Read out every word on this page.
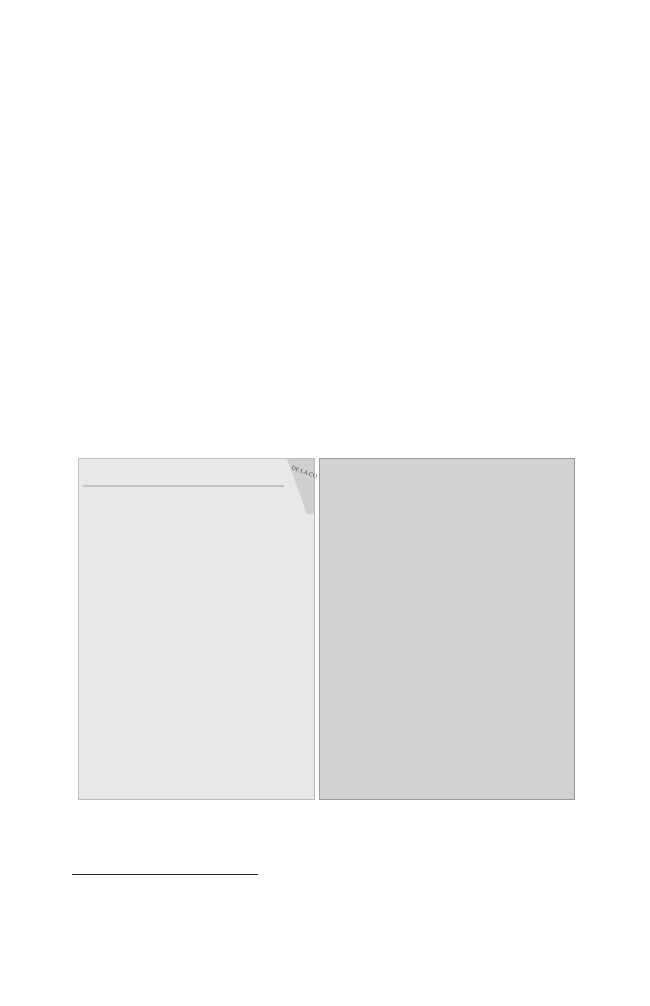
DE LA CO
